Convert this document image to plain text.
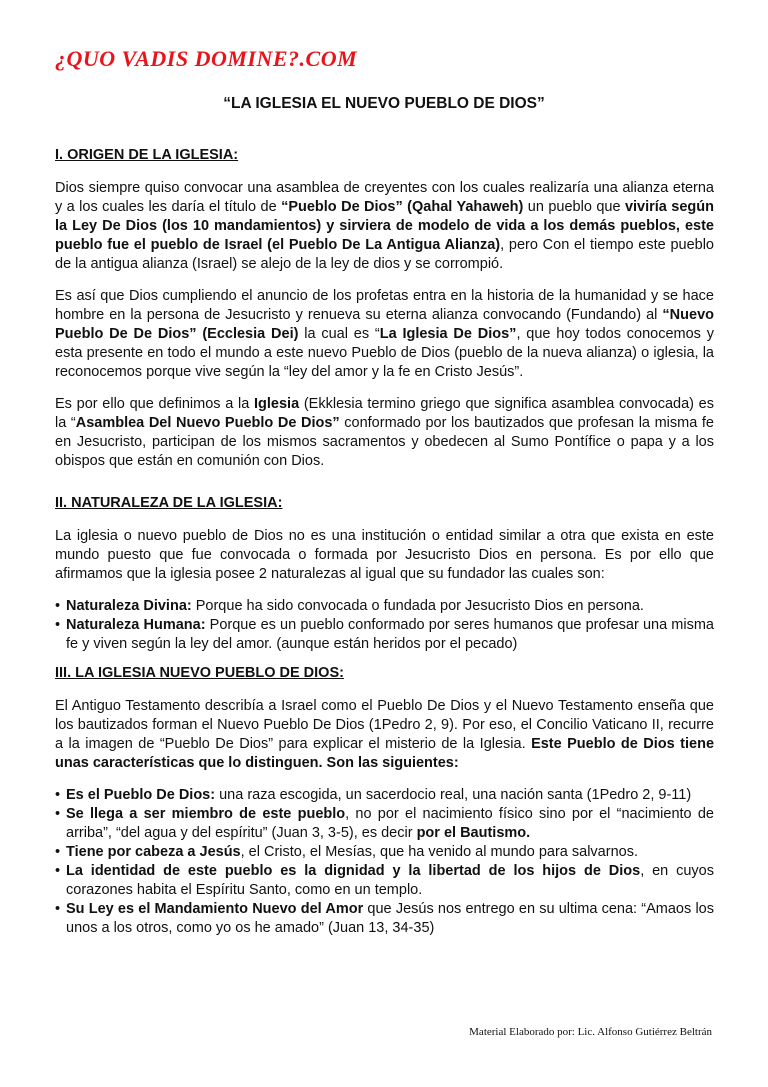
¿QUO VADIS DOMINE?.COM
“LA IGLESIA EL NUEVO PUEBLO DE DIOS”
I. ORIGEN DE LA IGLESIA:

Dios siempre quiso convocar una asamblea de creyentes con los cuales realizaría una alianza eterna y a los cuales les daría el título de “Pueblo De Dios” (Qahal Yahaweh) un pueblo que viviría según la Ley De Dios (los 10 mandamientos) y sirviera de modelo de vida a los demás pueblos, este pueblo fue el pueblo de Israel (el Pueblo De La Antigua Alianza), pero Con el tiempo este pueblo de la antigua alianza (Israel) se alejo de la ley de dios y se corrompió.

Es así que Dios cumpliendo el anuncio de los profetas entra en la historia de la humanidad y se hace hombre en la persona de Jesucristo y renueva su eterna alianza convocando (Fundando) al “Nuevo Pueblo De De Dios” (Ecclesia Dei) la cual es “La Iglesia De Dios”, que hoy todos conocemos y esta presente en todo el mundo a este nuevo Pueblo de Dios (pueblo de la nueva alianza) o iglesia, la reconocemos porque vive según la “ley del amor y la fe en Cristo Jesús”.

Es por ello que definimos a la Iglesia (Ekklesia termino griego que significa asamblea convocada) es la “Asamblea Del Nuevo Pueblo De Dios” conformado por los bautizados que profesan la misma fe en Jesucristo, participan de los mismos sacramentos y obedecen al Sumo Pontífice o papa y a los obispos que están en comunión con Dios.

II. NATURALEZA DE LA IGLESIA:

La iglesia o nuevo pueblo de Dios no es una institución o entidad similar a otra que exista en este mundo puesto que fue convocada o formada por Jesucristo Dios en persona. Es por ello que afirmamos que la iglesia posee 2 naturalezas al igual que su fundador las cuales son:

• Naturaleza Divina: Porque ha sido convocada o fundada por Jesucristo Dios en persona.
• Naturaleza Humana: Porque es un pueblo conformado por seres humanos que profesar una misma fe y viven según la ley del amor. (aunque están heridos por el pecado)
III. LA IGLESIA NUEVO PUEBLO DE DIOS:

El Antiguo Testamento describía a Israel como el Pueblo De Dios y el Nuevo Testamento enseña que los bautizados forman el Nuevo Pueblo De Dios (1Pedro 2, 9). Por eso, el Concilio Vaticano II, recurre a la imagen de “Pueblo De Dios” para explicar el misterio de la Iglesia. Este Pueblo de Dios tiene unas características que lo distinguen. Son las siguientes:

• Es el Pueblo De Dios: una raza escogida, un sacerdocio real, una nación santa (1Pedro 2, 9-11)
• Se llega a ser miembro de este pueblo, no por el nacimiento físico sino por el “nacimiento de arriba”, “del agua y del espíritu” (Juan 3, 3-5), es decir por el Bautismo.
• Tiene por cabeza a Jesús, el Cristo, el Mesías, que ha venido al mundo para salvarnos.
• La identidad de este pueblo es la dignidad y la libertad de los hijos de Dios, en cuyos corazones habita el Espíritu Santo, como en un templo.
• Su Ley es el Mandamiento Nuevo del Amor que Jesús nos entrego en su ultima cena: “Amaos los unos a los otros, como yo os he amado” (Juan 13, 34-35)
Material Elaborado por: Lic. Alfonso Gutiérrez Beltrán
